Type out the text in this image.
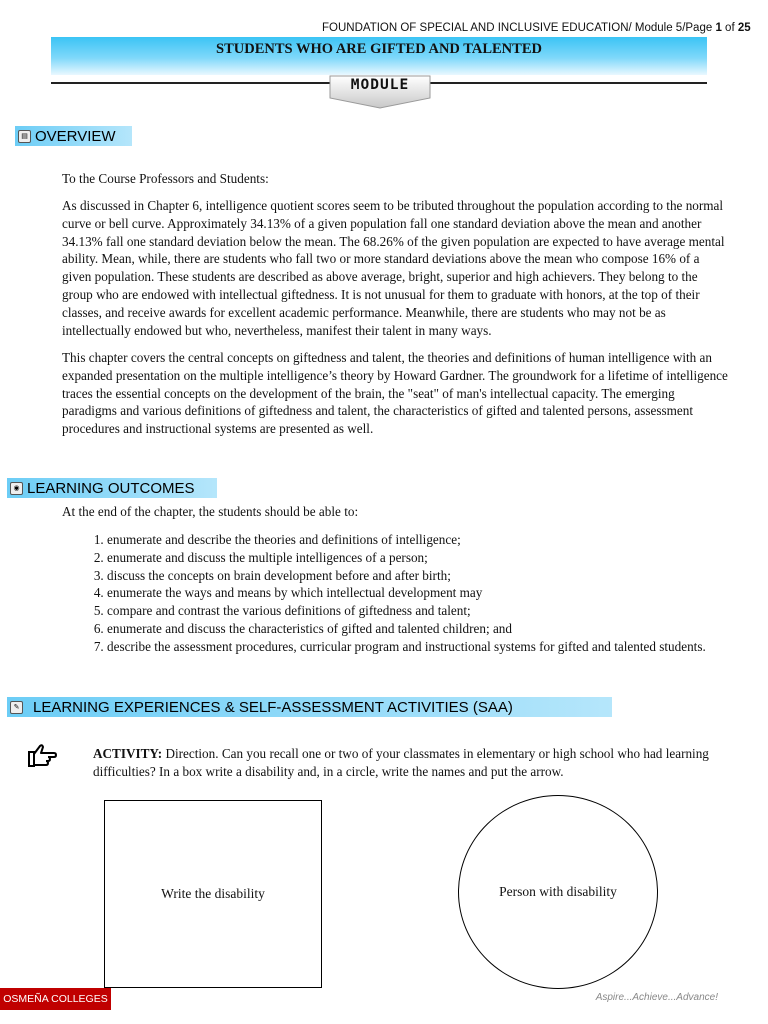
FOUNDATION OF SPECIAL AND INCLUSIVE EDUCATION/ Module 5/Page 1 of 25
STUDENTS WHO ARE GIFTED AND TALENTED
MODULE
▤ OVERVIEW

To the Course Professors and Students:

As discussed in Chapter 6, intelligence quotient scores seem to be tributed throughout the population according to the normal curve or bell curve. Approximately 34.13% of a given population fall one standard deviation above the mean and another 34.13% fall one standard deviation below the mean. The 68.26% of the given population are expected to have average mental ability. Mean, while, there are students who fall two or more standard deviations above the mean who compose 16% of a given population. These students are described as above average, bright, superior and high achievers. They belong to the group who are endowed with intellectual giftedness. It is not unusual for them to graduate with honors, at the top of their classes, and receive awards for excellent academic performance. Meanwhile, there are students who may not be as intellectually endowed but who, nevertheless, manifest their talent in many ways.

This chapter covers the central concepts on giftedness and talent, the theories and definitions of human intelligence with an expanded presentation on the multiple intelligence’s theory by Howard Gardner. The groundwork for a lifetime of intelligence traces the essential concepts on the development of the brain, the "seat" of man's intellectual capacity. The emerging paradigms and various definitions of giftedness and talent, the characteristics of gifted and talented persons, assessment procedures and instructional systems are presented as well.

◉ LEARNING OUTCOMES

At the end of the chapter, the students should be able to:

1. enumerate and describe the theories and definitions of intelligence;
2. enumerate and discuss the multiple intelligences of a person;
3. discuss the concepts on brain development before and after birth;
4. enumerate the ways and means by which intellectual development may
5. compare and contrast the various definitions of giftedness and talent;
6. enumerate and discuss the characteristics of gifted and talented children; and
7. describe the assessment procedures, curricular program and instructional systems for gifted and talented students.
✎ LEARNING EXPERIENCES & SELF-ASSESSMENT ACTIVITIES (SAA)

ACTIVITY: Direction. Can you recall one or two of your classmates in elementary or high school who had learning difficulties? In a box write a disability and, in a circle, write the names and put the arrow.

Write the disability	Person with disability
OSMEÑA COLLEGES	Aspire...Achieve...Advance!
